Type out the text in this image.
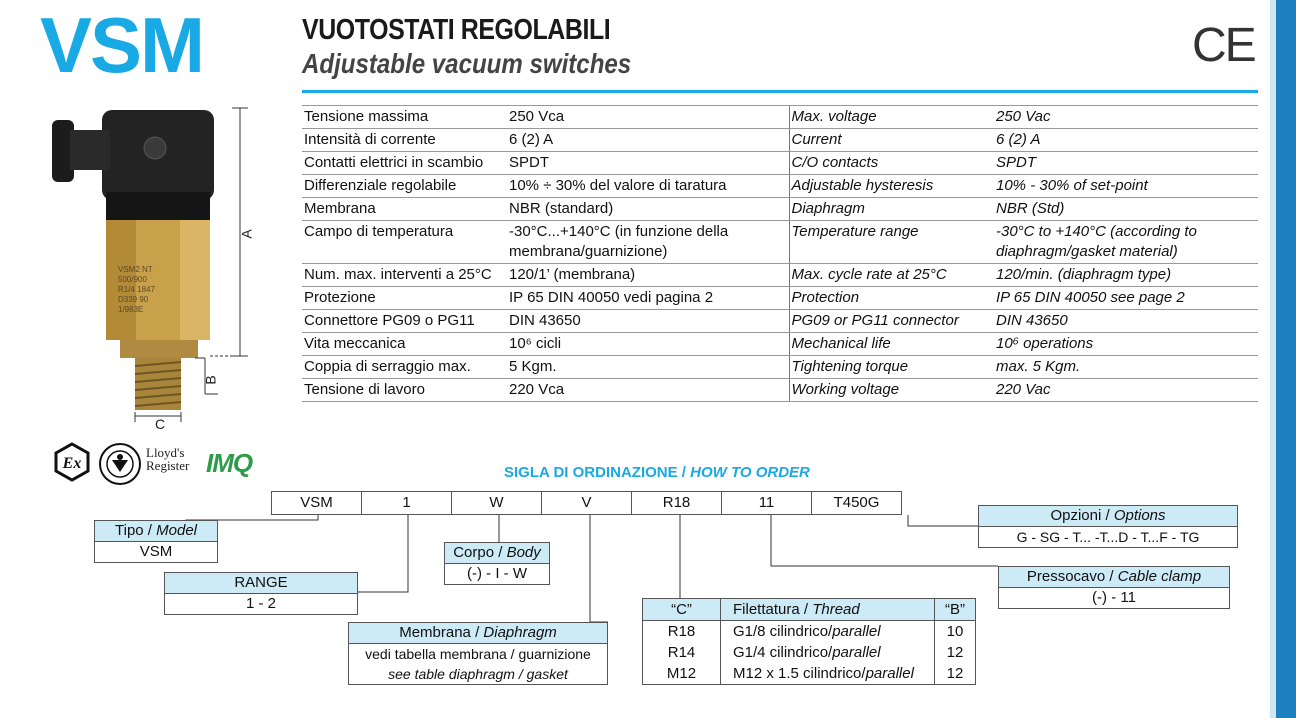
VSM	VUOTOSTATI REGOLABILI
Adjustable vacuum switches	CE
VSM2 NT
500/900
R1/4 1847
D339 90
1/983E
A
B
C
Tensione massima	250 Vca	Max. voltage	250 Vac
Intensità di corrente	6 (2) A	Current	6 (2) A
Contatti elettrici in scambio	SPDT	C/O contacts	SPDT
Differenziale regolabile	10% ÷ 30% del valore di taratura	Adjustable hysteresis	10% - 30% of set-point
Membrana	NBR (standard)	Diaphragm	NBR (Std)
Campo di temperatura	-30°C...+140°C (in funzione della membrana/guarnizione)	Temperature range	-30°C to +140°C (according to diaphragm/gasket material)
Num. max. interventi a 25°C	120/1’ (membrana)	Max. cycle rate at 25°C	120/min. (diaphragm type)
Protezione	IP 65 DIN 40050 vedi pagina 2	Protection	IP 65 DIN 40050 see page 2
Connettore PG09 o PG11	DIN 43650	PG09 or PG11 connector	DIN 43650
Vita meccanica	10⁶ cicli	Mechanical life	10⁶ operations
Coppia di serraggio max.	5 Kgm.	Tightening torque	max. 5 Kgm.
Tensione di lavoro	220 Vca	Working voltage	220 Vac
Ex
Lloyd's
Register IMQ	SIGLA DI ORDINAZIONE / HOW TO ORDER
VSM	1	W	V	R18	11	T450G
Tipo / Model
VSM
RANGE
1 - 2
Corpo / Body
(-) - I - W
Membrana / Diaphragm
vedi tabella membrana / guarnizione
see table diaphragm / gasket
Opzioni / Options
G - SG - T... -T...D - T...F - TG
Pressocavo / Cable clamp
(-) - 11
“C”	Filettatura / Thread	“B”
R18	G1/8 cilindrico/parallel	10
R14	G1/4 cilindrico/parallel	12
M12	M12 x 1.5 cilindrico/parallel	12
